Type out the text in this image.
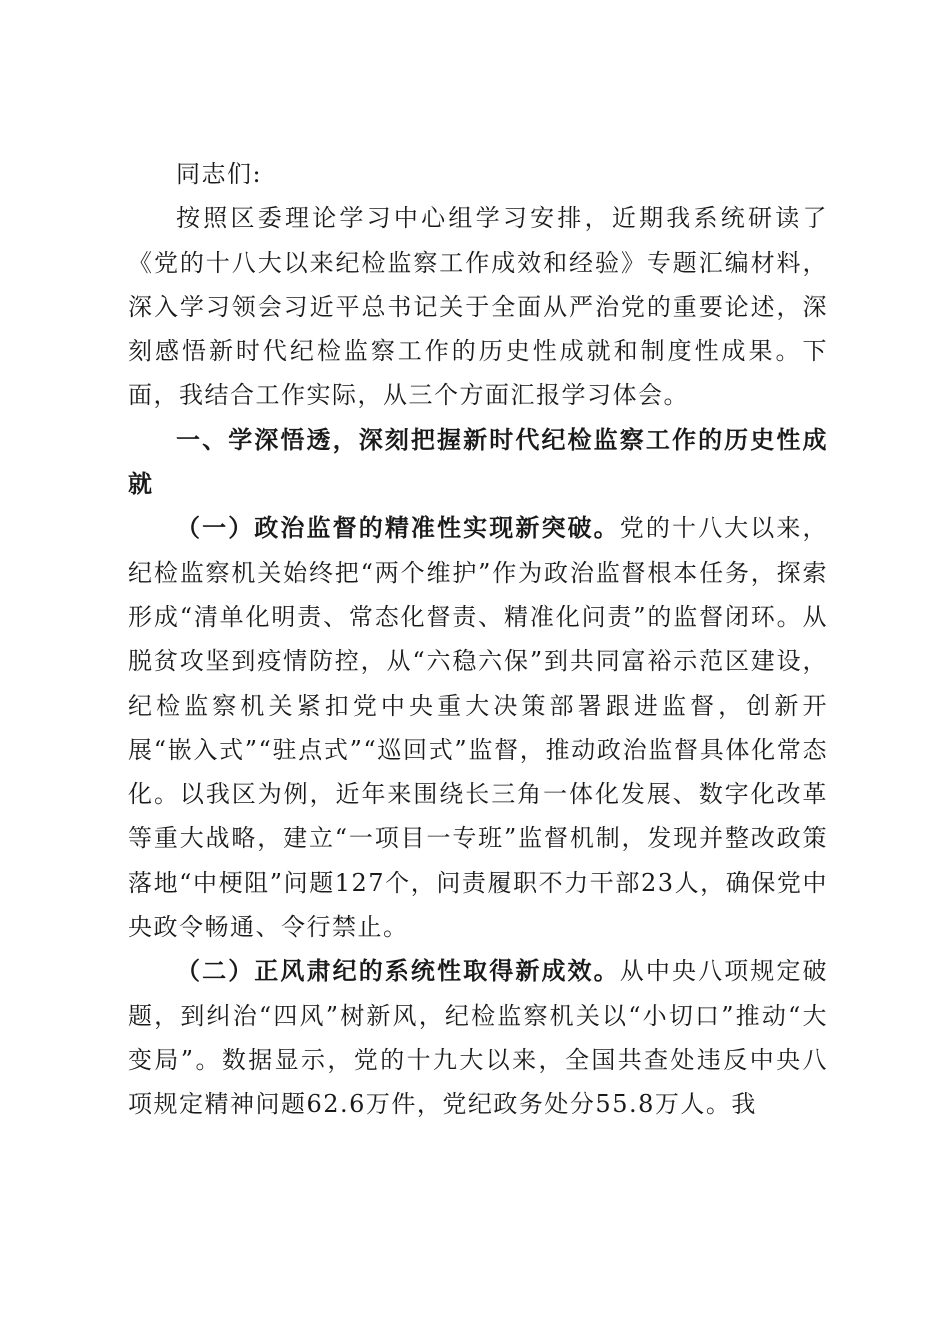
同志们:

按照区委理论学习中心组学习安排，近期我系统研读了《党的十八大以来纪检监察工作成效和经验》专题汇编材料，深入学习领会习近平总书记关于全面从严治党的重要论述，深刻感悟新时代纪检监察工作的历史性成就和制度性成果。下面，我结合工作实际，从三个方面汇报学习体会。

一、学深悟透，深刻把握新时代纪检监察工作的历史性成就

（一）政治监督的精准性实现新突破。党的十八大以来，纪检监察机关始终把“两个维护”作为政治监督根本任务，探索形成“清单化明责、常态化督责、精准化问责”的监督闭环。从脱贫攻坚到疫情防控，从“六稳六保”到共同富裕示范区建设，纪检监察机关紧扣党中央重大决策部署跟进监督，创新开展“嵌入式”“驻点式”“巡回式”监督，推动政治监督具体化常态化。以我区为例，近年来围绕长三角一体化发展、数字化改革等重大战略，建立“一项目一专班”监督机制，发现并整改政策落地“中梗阻”问题127个，问责履职不力干部23人，确保党中央政令畅通、令行禁止。

（二）正风肃纪的系统性取得新成效。从中央八项规定破题，到纠治“四风”树新风，纪检监察机关以“小切口”推动“大变局”。数据显示，党的十九大以来，全国共查处违反中央八项规定精神问题62.6万件，党纪政务处分55.8万人。我
